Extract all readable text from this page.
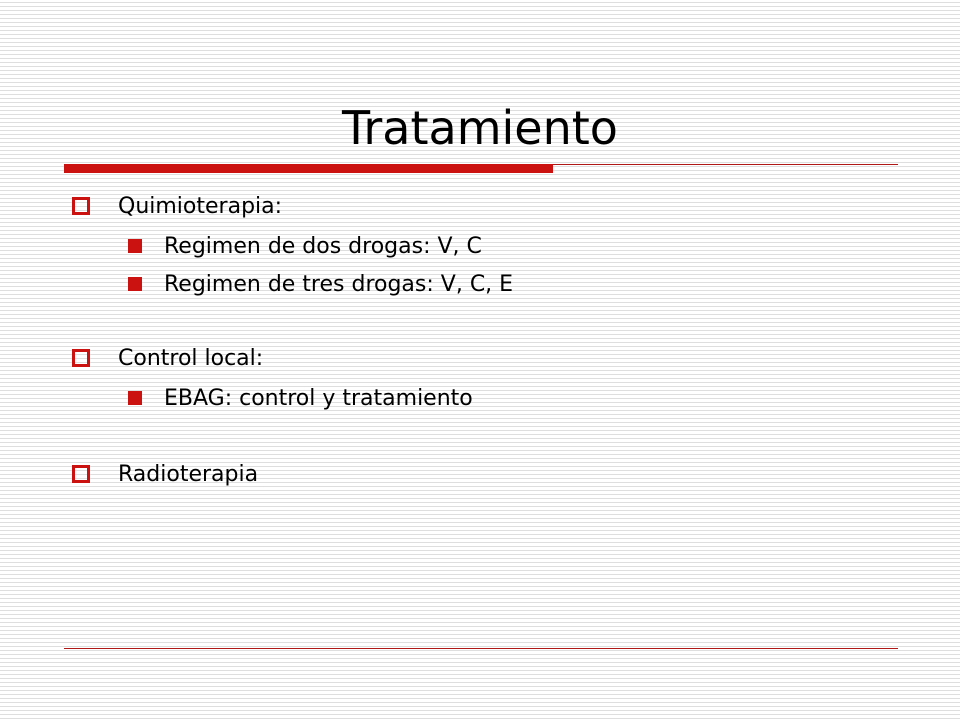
Tratamiento
Quimioterapia:
Regimen de dos drogas: V, C
Regimen de tres drogas: V, C, E
Control local:
EBAG: control y tratamiento
Radioterapia
